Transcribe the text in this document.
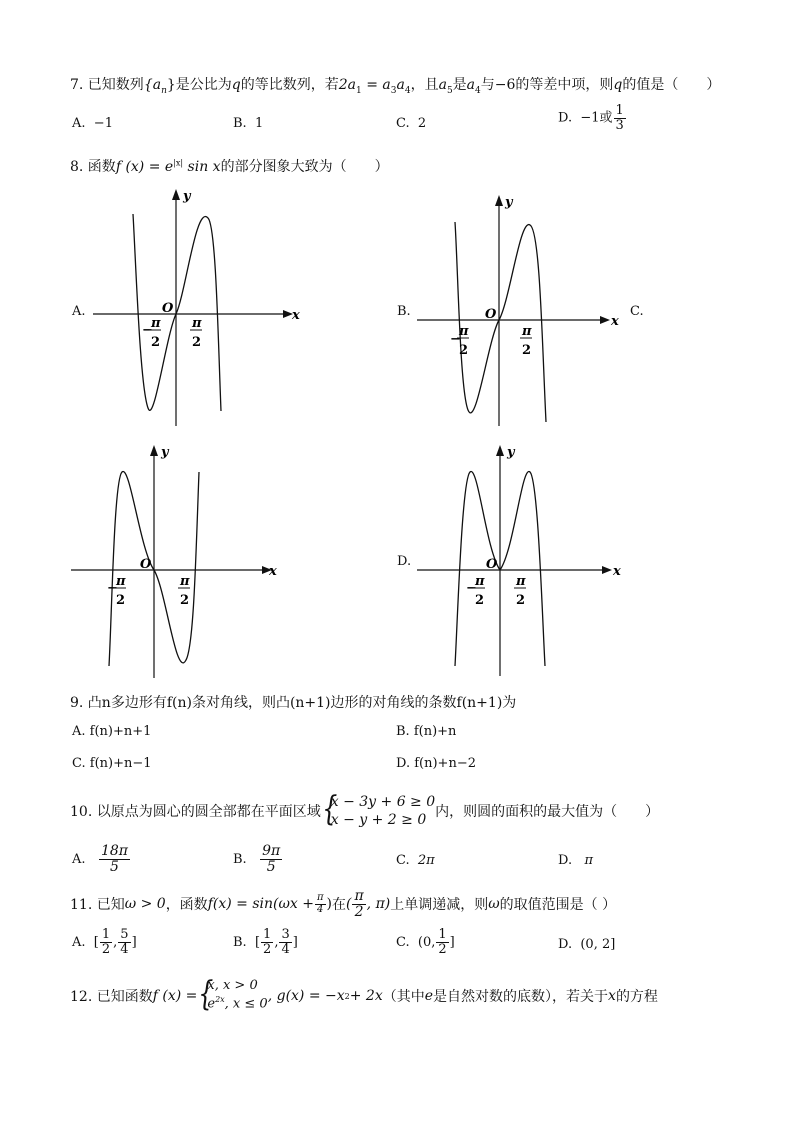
7. 已知数列$\{a_n\}$是公比为q的等比数列，若$2a_1 = a_3a_4$，且$a_5$是$a_4$与−6的等差中项，则q的值是（　　）
A. −1	B. 1	C. 2	D. −1或 $\frac{1}{3}$
8. 函数f $(x) = e^{|x|}$ sin x的部分图象大致为（　　）
A.	x
y
O
−
π
2
π
2
B.	C.
x
y
O
−
π
2
π
2
x
y
O
−
π
2
π
2
D.
x
y
O
−
π
2
π
2
9. 凸n多边形有f(n)条对角线，则凸(n+1)边形的对角线的条数f(n+1)为
A. f(n)+n+1	B. f(n)+n
C. f(n)+n−1	D. f(n)+n−2
10. 以原点为圆心的圆全部都在平面区域
{ x − 3y + 6 ≥ 0
x − y + 2 ≥ 0 内，则圆的面积的最大值为（　　）
A.
$\frac{18\pi}{5}$	B.
$\frac{9\pi}{5}$	C. 2π	D. π
11. 已知 ω > 0 ，函数 $f(x) = \sin(\omega x + \frac{\pi}{4}$ ) 在 ( $\frac{\pi}{2}$ , π) 上单调递减，则 ω 的取值范围是（ ）
A.
[ $\frac{1}{2}$ , $\frac{5}{4}$ ]	B.
[ $\frac{1}{2}$ , $\frac{3}{4}$ ]	C.
(0, $\frac{1}{2}$ ]	D. (0, 2]
12. 已知函数 f (x) =
{ x, x > 0
$e^{2x}$, x ≤ 0
, g(x) = −x 2 + 2x （其中 e 是自然对数的底数），若关于 x 的方程
